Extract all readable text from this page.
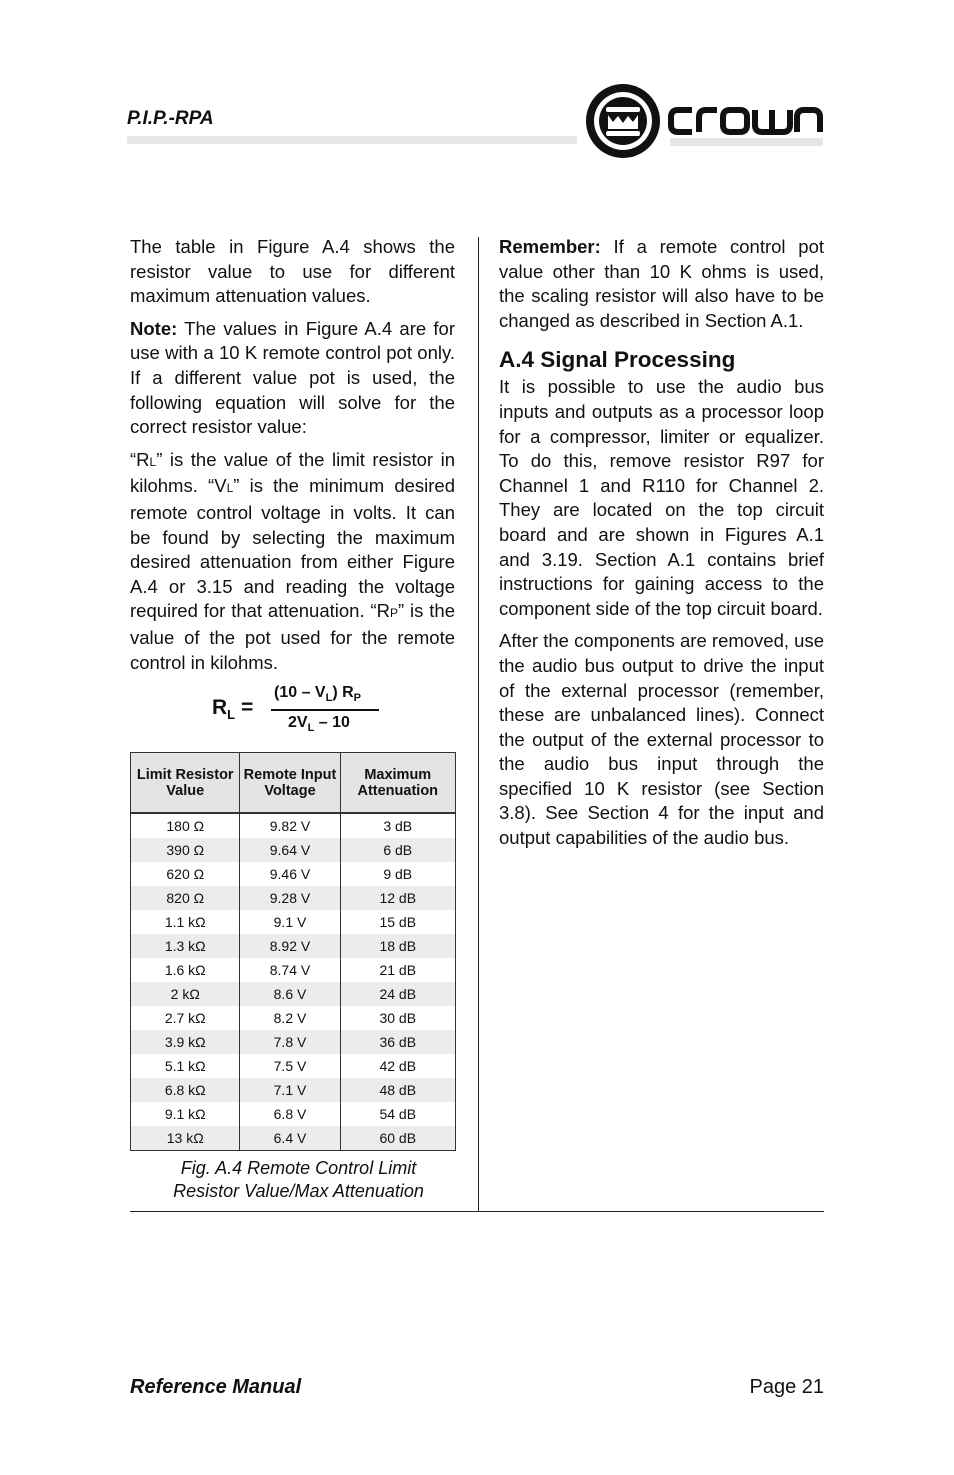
P.I.P.-RPA

The table in Figure A.4 shows the resistor value to use for different maximum attenuation values.

Note: The values in Figure A.4 are for use with a 10 K remote control pot only. If a different value pot is used, the following equation will solve for the correct resistor value:

“RL” is the value of the limit resistor in kilohms. “VL” is the minimum desired remote control voltage in volts. It can be found by selecting the maximum desired attenuation from either Figure A.4 or 3.15 and reading the voltage required for that attenuation. “RP” is the value of the pot used for the remote control in kilohms.

$R_L$ =
$(10 - V_L)$ $R_P$
$2V_L - 10$
Limit Resistor Value	Remote Input Voltage	Maximum Attenuation
180 Ω	9.82 V	3 dB
390 Ω	9.64 V	6 dB
620 Ω	9.46 V	9 dB
820 Ω	9.28 V	12 dB
1.1 kΩ	9.1 V	15 dB
1.3 kΩ	8.92 V	18 dB
1.6 kΩ	8.74 V	21 dB
2 kΩ	8.6 V	24 dB
2.7 kΩ	8.2 V	30 dB
3.9 kΩ	7.8 V	36 dB
5.1 kΩ	7.5 V	42 dB
6.8 kΩ	7.1 V	48 dB
9.1 kΩ	6.8 V	54 dB
13 kΩ	6.4 V	60 dB
Fig. A.4 Remote Control Limit
Resistor Value/Max Attenuation

Remember: If a remote control pot value other than 10 K ohms is used, the scaling resistor will also have to be changed as described in Section A.1.

A.4 Signal Processing

It is possible to use the audio bus inputs and outputs as a processor loop for a compressor, limiter or equalizer. To do this, remove resistor R97 for Channel 1 and R110 for Channel 2. They are located on the top circuit board and are shown in Figures A.1 and 3.19. Section A.1 contains brief instructions for gaining access to the component side of the top circuit board.

After the components are removed, use the audio bus output to drive the input of the external processor (remember, these are unbalanced lines). Connect the output of the external processor to the audio bus input through the specified 10 K resistor (see Section 3.8). See Section 4 for the input and output capabilities of the audio bus.

Reference Manual	Page 21
